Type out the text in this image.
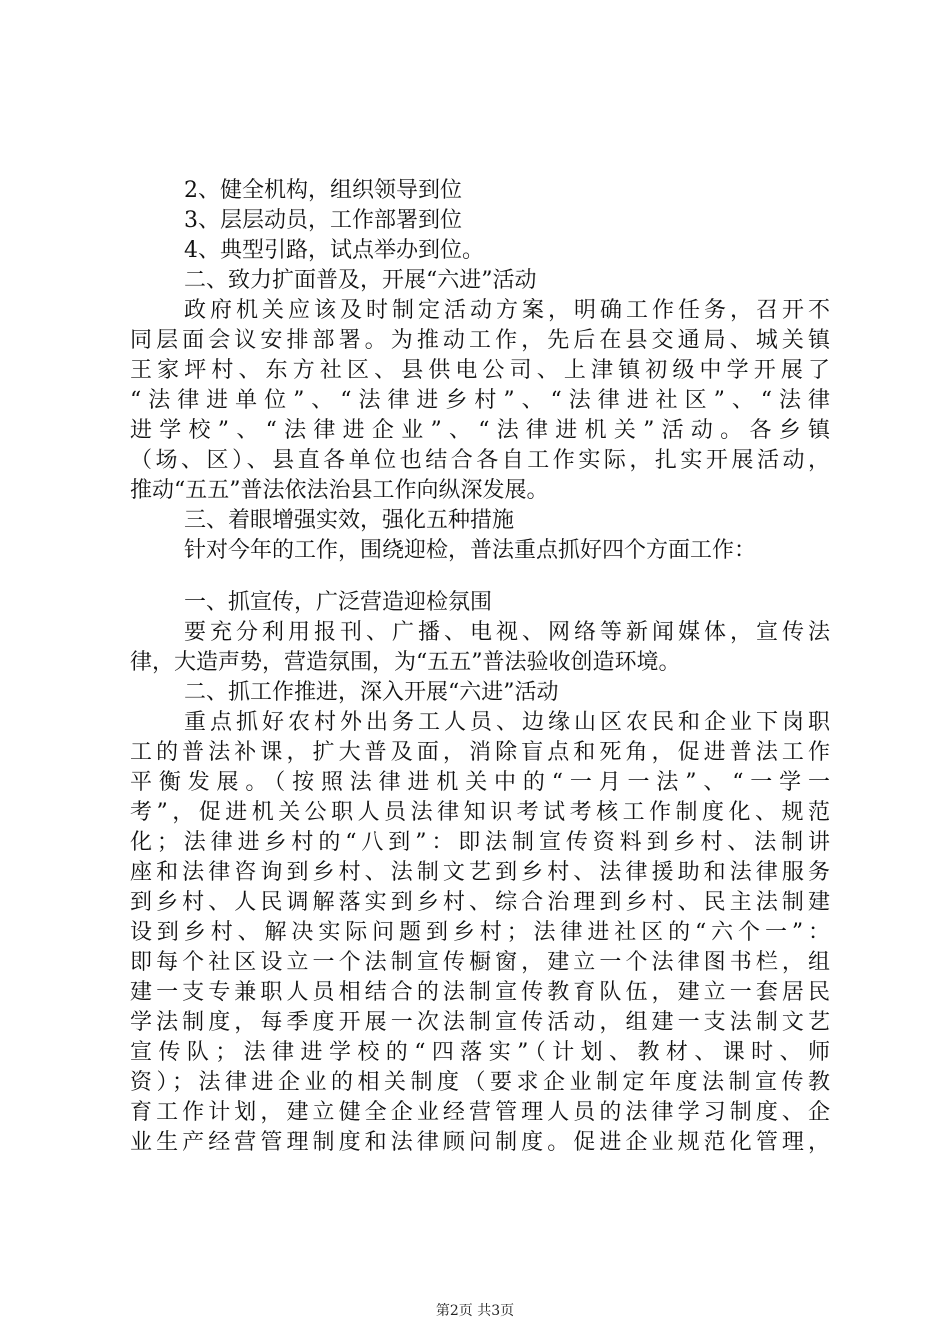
2、健全机构，组织领导到位
3、层层动员，工作部署到位
4、典型引路，试点举办到位。
二、致力扩面普及，开展“六进”活动
政府机关应该及时制定活动方案，明确工作任务，召开不
同层面会议安排部署。为推动工作，先后在县交通局、城关镇
王家坪村、东方社区、县供电公司、上津镇初级中学开展了
“法律进单位”、“法律进乡村”、“法律进社区”、“法律
进学校”、“法律进企业”、“法律进机关”活动。各乡镇
（场、区）、县直各单位也结合各自工作实际，扎实开展活动，
推动“五五”普法依法治县工作向纵深发展。
三、着眼增强实效，强化五种措施
针对今年的工作，围绕迎检，普法重点抓好四个方面工作：
一、抓宣传，广泛营造迎检氛围
要充分利用报刊、广播、电视、网络等新闻媒体，宣传法
律，大造声势，营造氛围，为“五五”普法验收创造环境。
二、抓工作推进，深入开展“六进”活动
重点抓好农村外出务工人员、边缘山区农民和企业下岗职
工的普法补课，扩大普及面，消除盲点和死角，促进普法工作
平衡发展。（按照法律进机关中的“一月一法”、“一学一
考”，促进机关公职人员法律知识考试考核工作制度化、规范
化；法律进乡村的“八到”：即法制宣传资料到乡村、法制讲
座和法律咨询到乡村、法制文艺到乡村、法律援助和法律服务
到乡村、人民调解落实到乡村、综合治理到乡村、民主法制建
设到乡村、解决实际问题到乡村；法律进社区的“六个一”：
即每个社区设立一个法制宣传橱窗，建立一个法律图书栏，组
建一支专兼职人员相结合的法制宣传教育队伍，建立一套居民
学法制度，每季度开展一次法制宣传活动，组建一支法制文艺
宣传队；法律进学校的“四落实”（计划、教材、课时、师
资）；法律进企业的相关制度（要求企业制定年度法制宣传教
育工作计划，建立健全企业经营管理人员的法律学习制度、企
业生产经营管理制度和法律顾问制度。促进企业规范化管理，
第2页 共3页
